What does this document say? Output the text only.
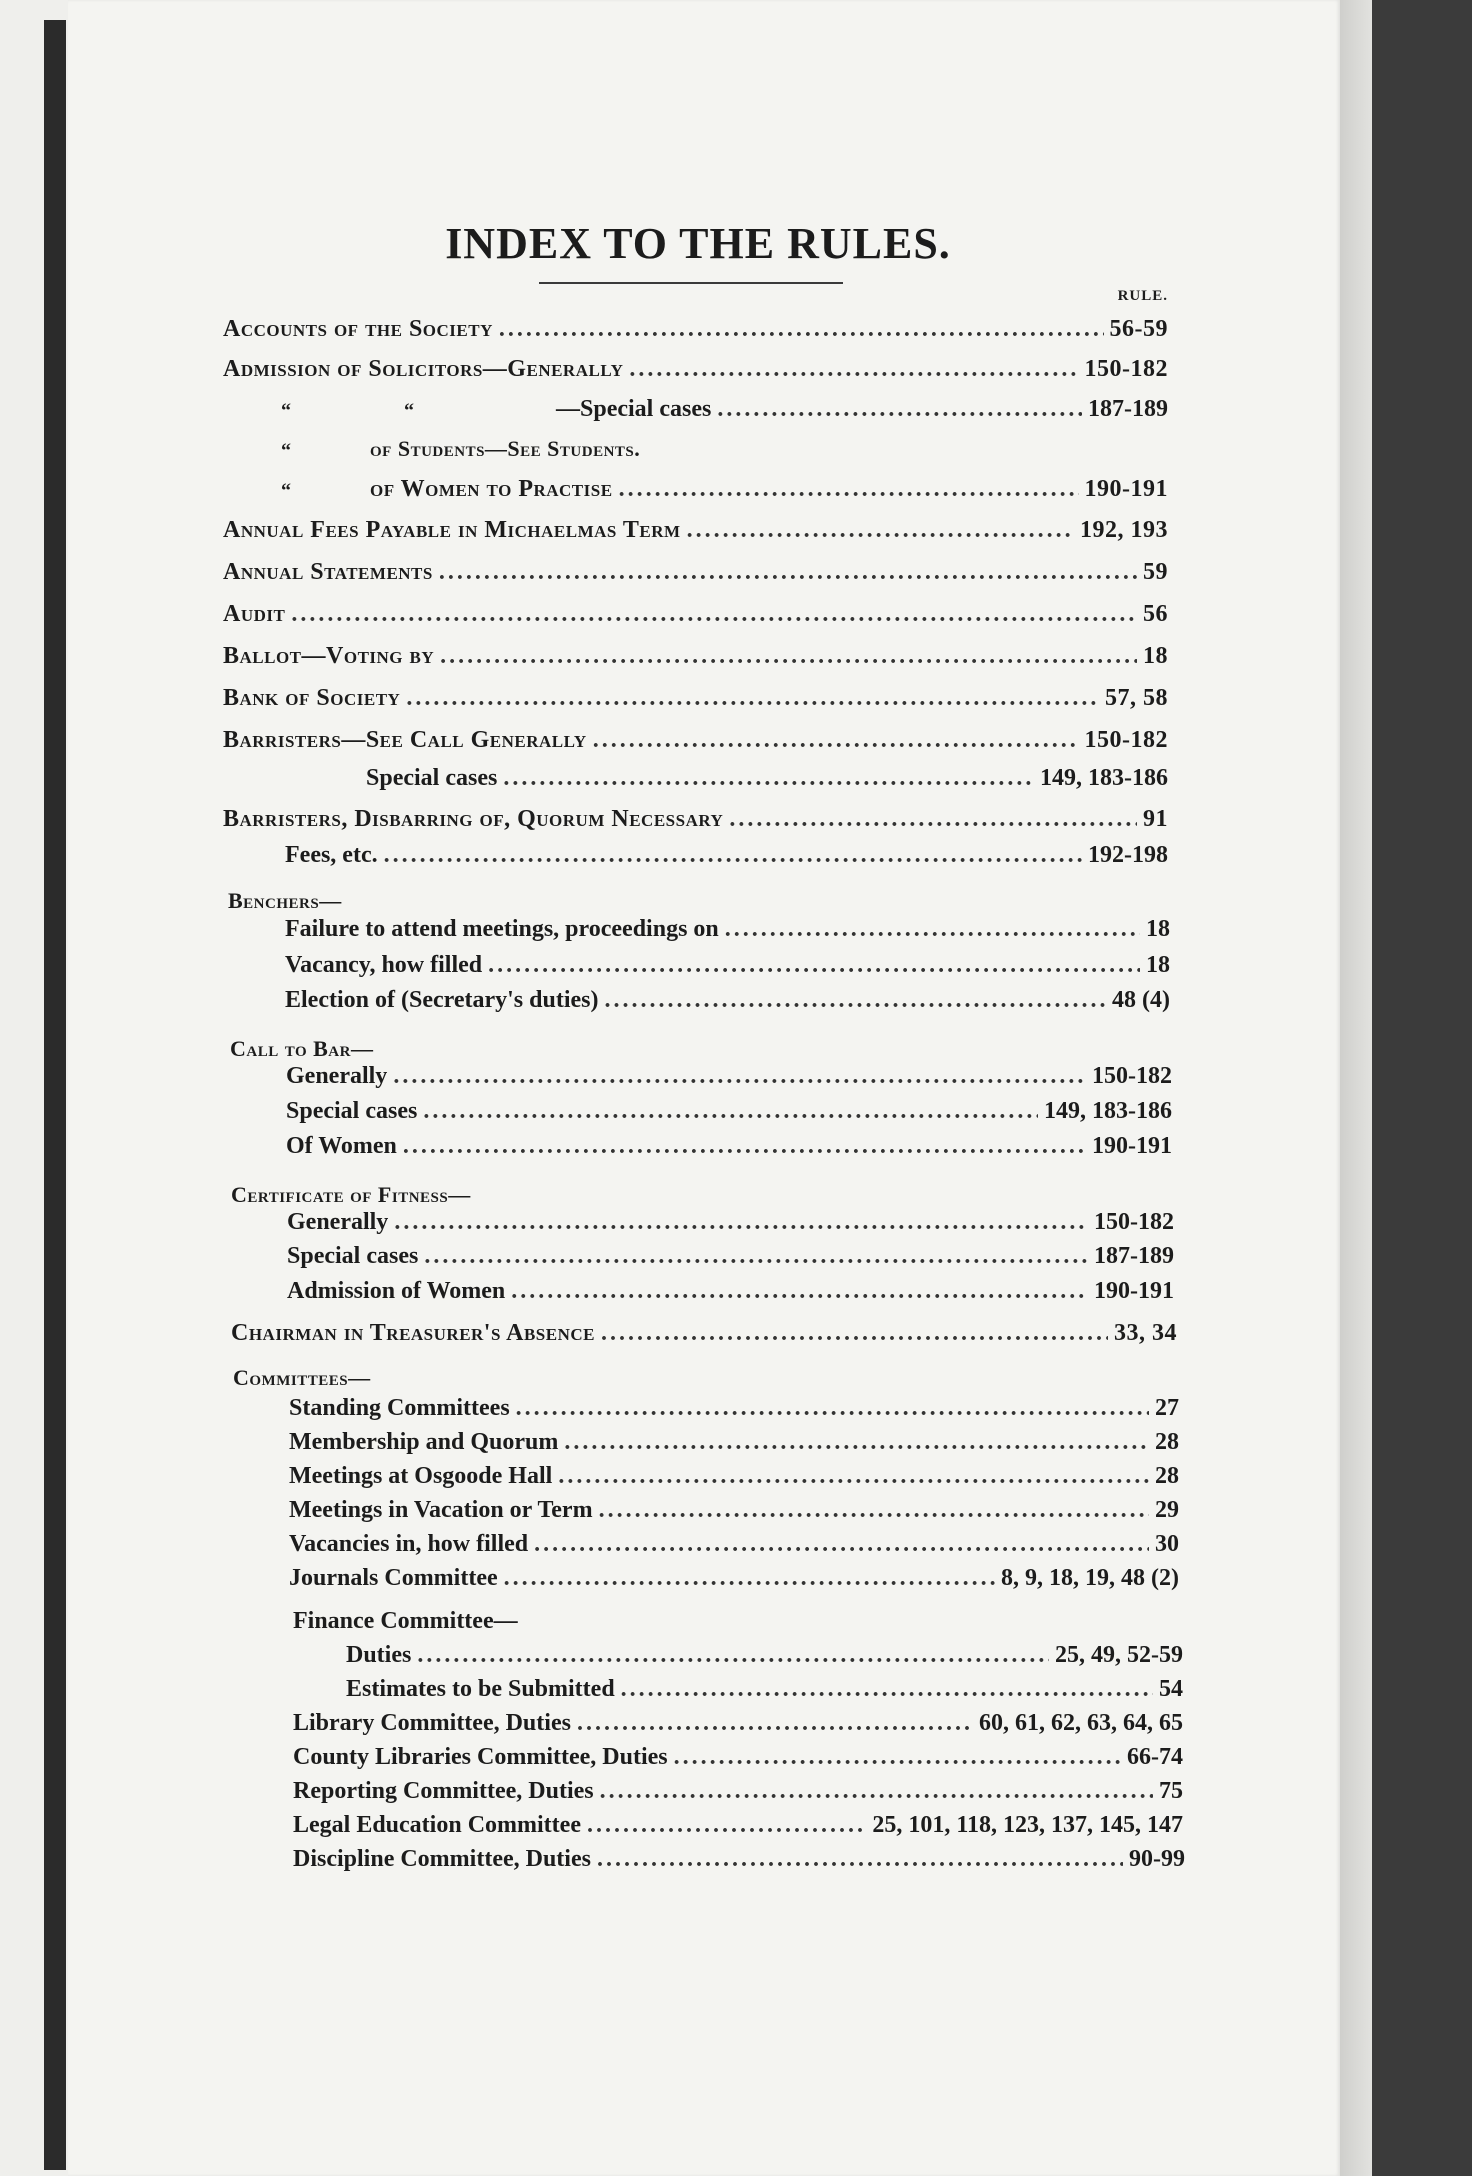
INDEX TO THE RULES.
RULE.
Accounts of the Society .....	56-59
Admission of Solicitors—Generally .....	150-182
“	“	—Special cases .....	187-189
“	of Students—See Students.
“	of Women to Practise .....	190-191
Annual Fees Payable in Michaelmas Term .....	192, 193
Annual Statements .....	59
Audit .....	56
Ballot—Voting by .....	18
Bank of Society .....	57, 58
Barristers—See Call Generally .....	150-182
Special cases .....	149, 183-186
Barristers, Disbarring of, Quorum Necessary .....	91
Fees, etc. .....	192-198
Benchers—
Failure to attend meetings, proceedings on .....	18
Vacancy, how filled .....	18
Election of (Secretary's duties) .....	48 (4)
Call to Bar—
Generally .....	150-182
Special cases .....	149, 183-186
Of Women .....	190-191
Certificate of Fitness—
Generally .....	150-182
Special cases .....	187-189
Admission of Women .....	190-191
Chairman in Treasurer's Absence .....	33, 34
Committees—
Standing Committees .....	27
Membership and Quorum .....	28
Meetings at Osgoode Hall .....	28
Meetings in Vacation or Term .....	29
Vacancies in, how filled .....	30
Journals Committee .....	8, 9, 18, 19, 48 (2)
Finance Committee—
Duties .....	25, 49, 52-59
Estimates to be Submitted .....	54
Library Committee, Duties .....	60, 61, 62, 63, 64, 65
County Libraries Committee, Duties .....	66-74
Reporting Committee, Duties .....	75
Legal Education Committee .....	25, 101, 118, 123, 137, 145, 147
Discipline Committee, Duties .....	90-99
